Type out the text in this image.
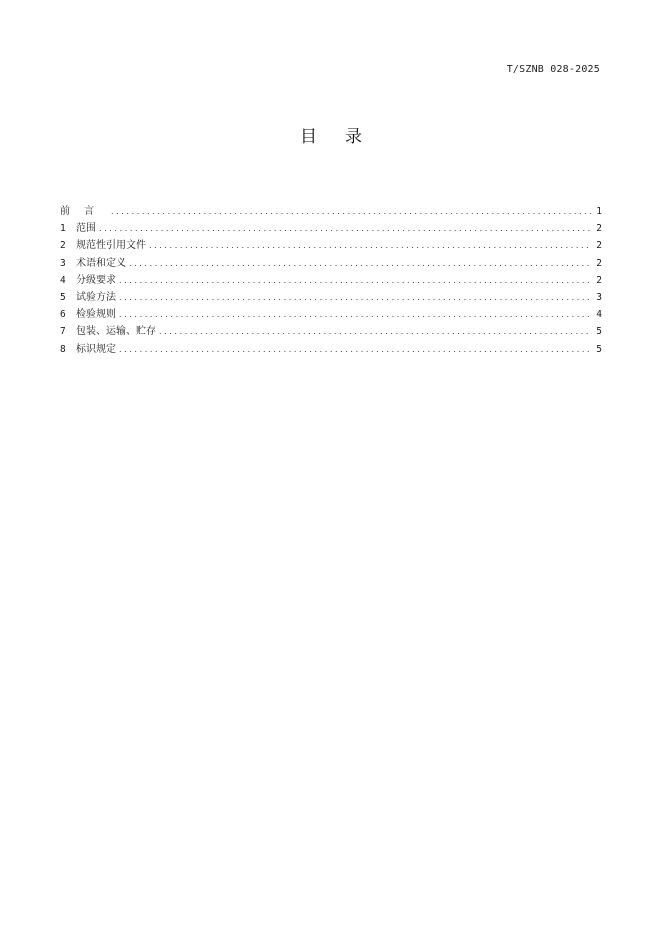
T/SZNB 028-2025
目 录
前言 .....	1
1	范围 .....	2
2	规范性引用文件 .....	2
3	术语和定义 .....	2
4	分级要求 .....	2
5	试验方法 .....	3
6	检验规则 .....	4
7	包装、运输、贮存 .....	5
8	标识规定 .....	5
